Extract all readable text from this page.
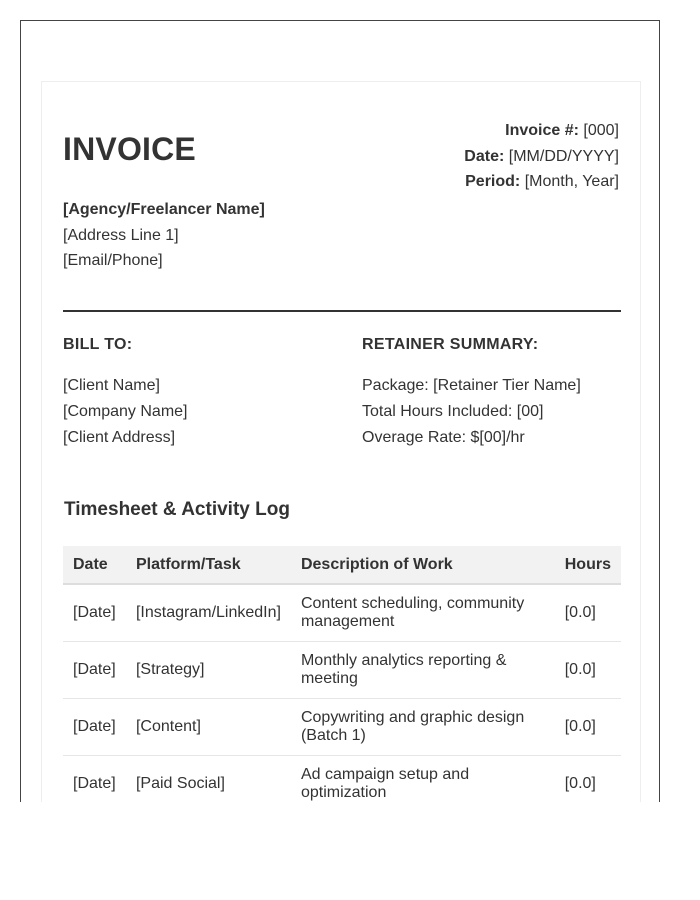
INVOICE
Invoice #: [000]
Date: [MM/DD/YYYY]
Period: [Month, Year]
[Agency/Freelancer Name]
[Address Line 1]
[Email/Phone]
BILL TO:
[Client Name]
[Company Name]
[Client Address]
RETAINER SUMMARY:
Package: [Retainer Tier Name]
Total Hours Included: [00]
Overage Rate: $[00]/hr
Timesheet & Activity Log
Date	Platform/Task	Description of Work	Hours
[Date]	[Instagram/LinkedIn]	Content scheduling, community management	[0.0]
[Date]	[Strategy]	Monthly analytics reporting & meeting	[0.0]
[Date]	[Content]	Copywriting and graphic design (Batch 1)	[0.0]
[Date]	[Paid Social]	Ad campaign setup and optimization	[0.0]
